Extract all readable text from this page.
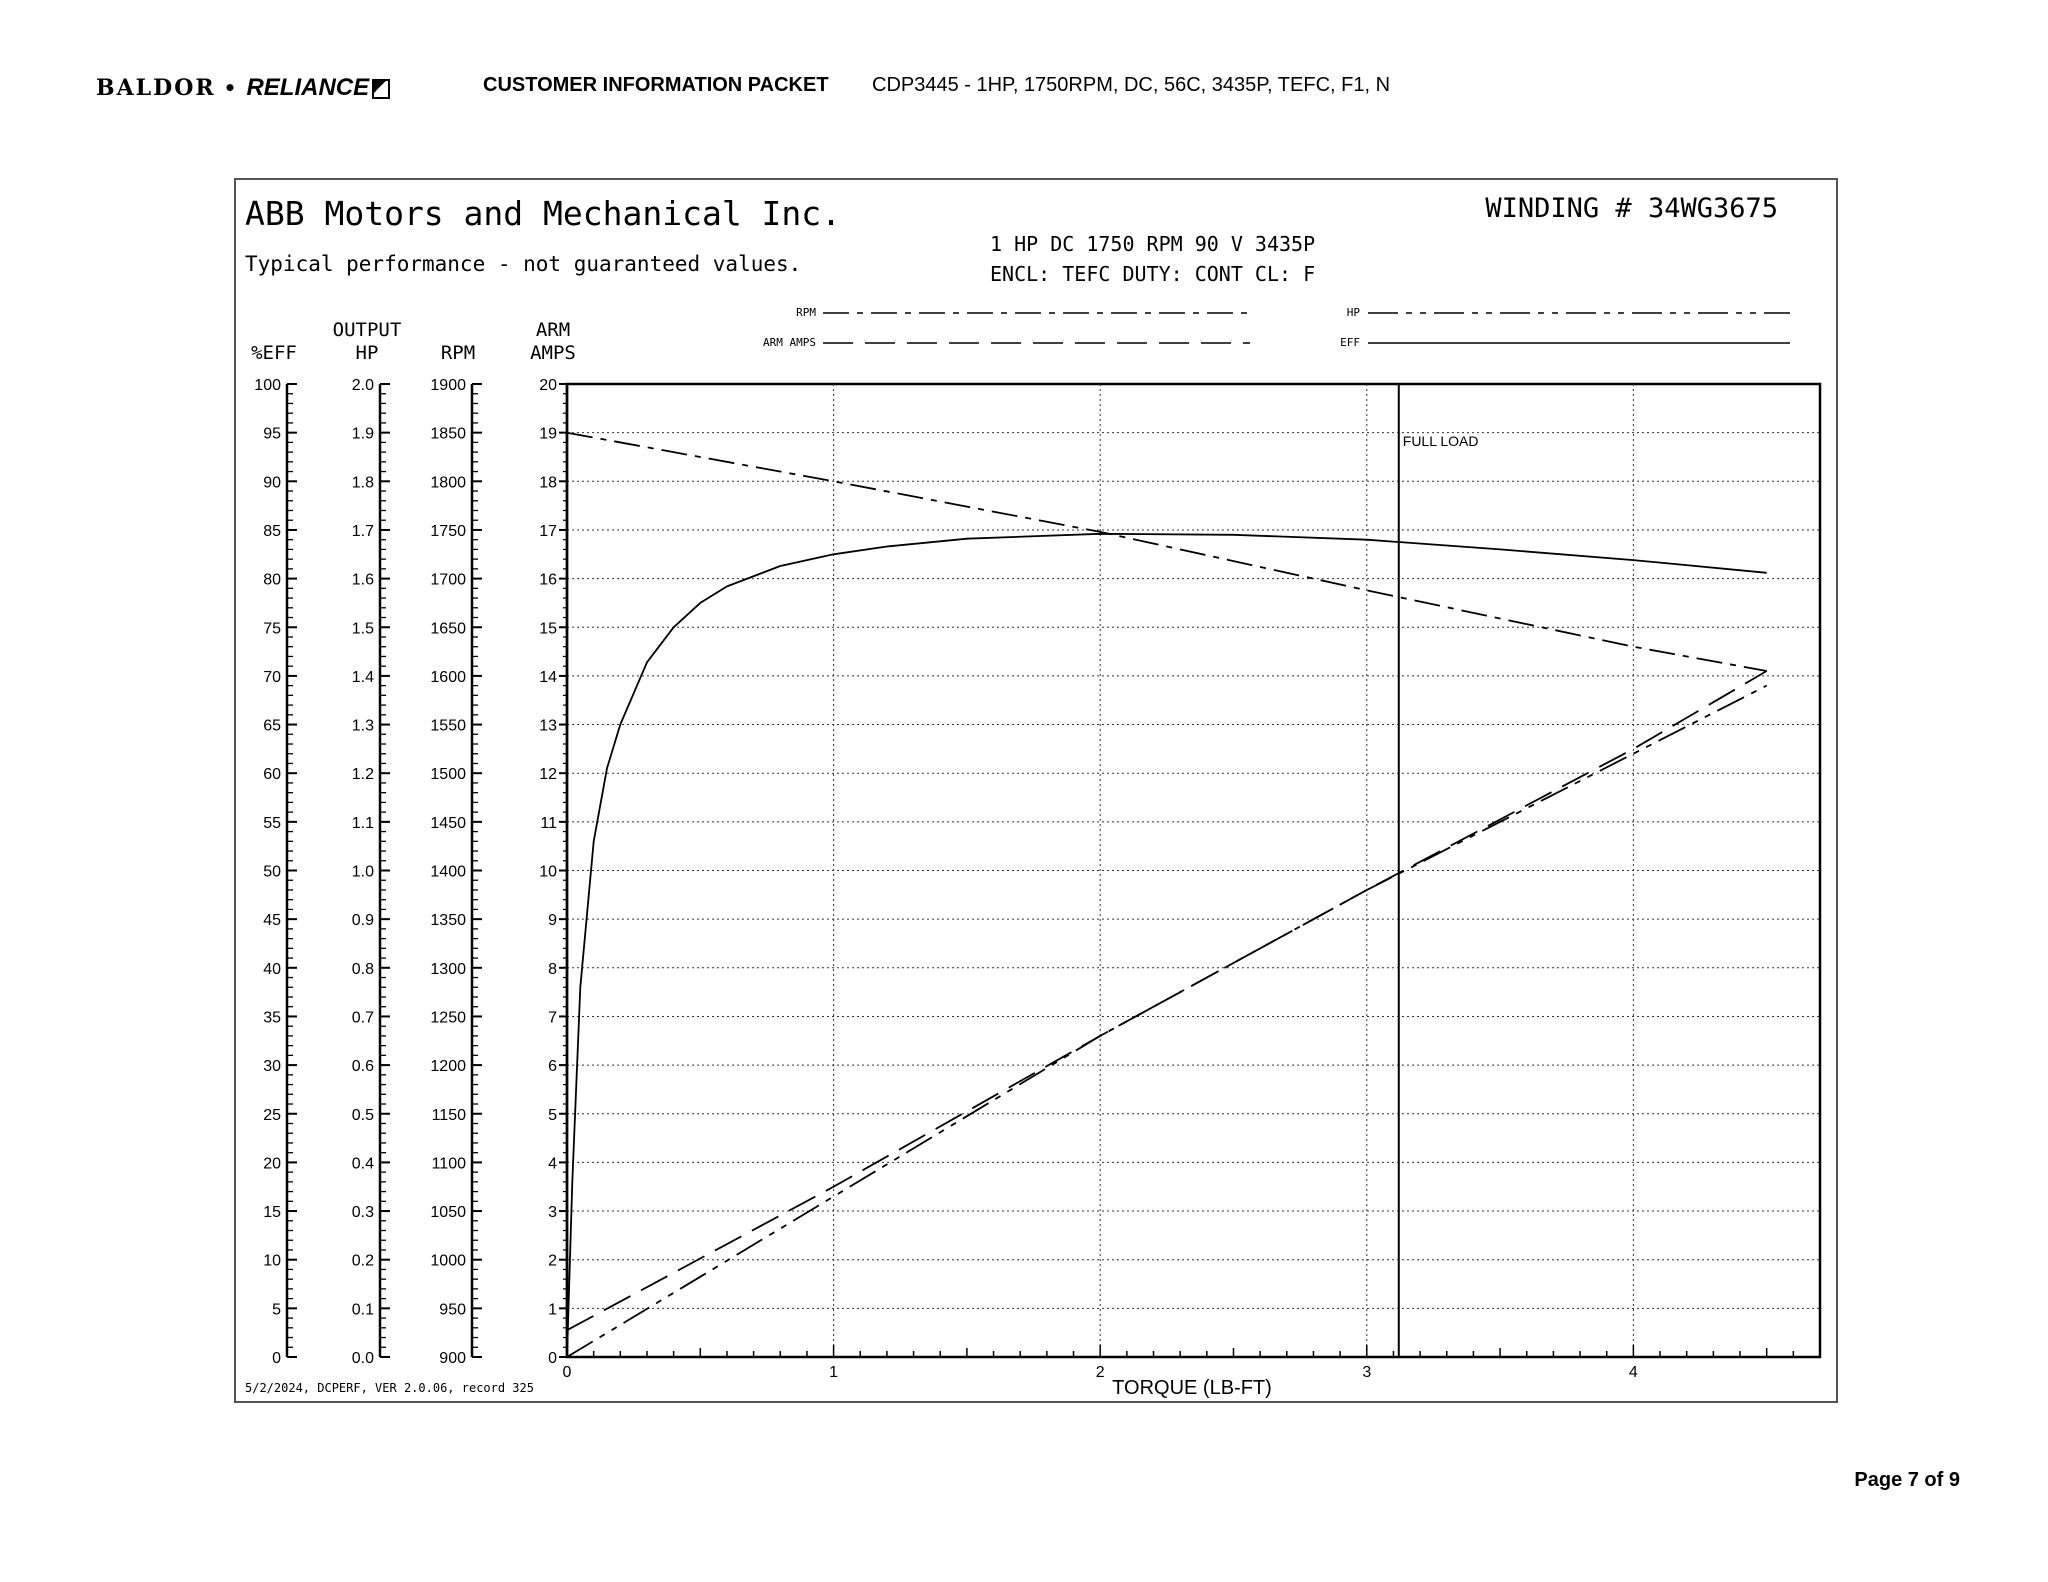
BALDOR • RELIANCE	CUSTOMER INFORMATION PACKET CDP3445 - 1HP, 1750RPM, DC, 56C, 3435P, TEFC, F1, N
0	1	2	3	4
TORQUE (LB-FT)
FULL LOAD
0
5
10
15
20
25
30
35
40
45
50
55
60
65
70
75
80
85
90
95
100
%EFF
0.0
0.1
0.2
0.3
0.4
0.5
0.6
0.7
0.8
0.9
1.0
1.1
1.2
1.3
1.4
1.5
1.6
1.7
1.8
1.9
2.0
OUTPUT
HP
900
950
1000
1050
1100
1150
1200
1250
1300
1350
1400
1450
1500
1550
1600
1650
1700
1750
1800
1850
1900
RPM
0
1
2
3
4
5
6
7
8
9
10
11
12
13
14
15
16
17
18
19
20
ARM
AMPS
ABB Motors and Mechanical Inc.
Typical performance - not guaranteed values.
WINDING # 34WG3675
1 HP DC 1750 RPM 90 V 3435P
ENCL: TEFC DUTY: CONT CL: F
RPM
ARM AMPS
HP
EFF
5/2/2024, DCPERF, VER 2.0.06, record 325
Page 7 of 9
